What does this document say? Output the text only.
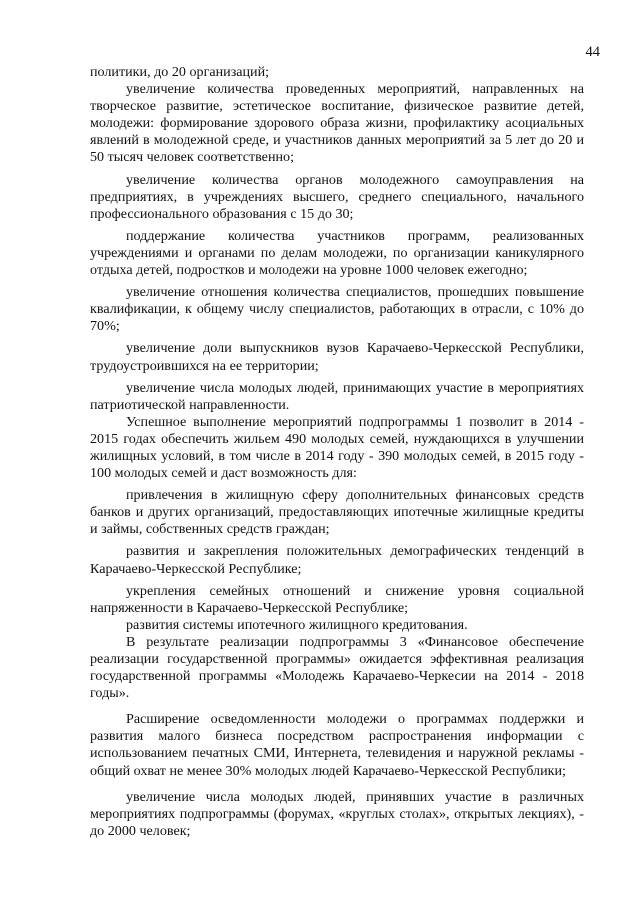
44

политики, до 20 организаций;

увеличение количества проведенных мероприятий, направленных на творческое развитие, эстетическое воспитание, физическое развитие детей, молодежи: формирование здорового образа жизни, профилактику асоциальных явлений в молодежной среде, и участников данных мероприятий за 5 лет до 20 и 50 тысяч человек соответственно;

увеличение количества органов молодежного самоуправления на предприятиях, в учреждениях высшего, среднего специального, начального профессионального образования с 15 до 30;

поддержание количества участников программ, реализованных учреждениями и органами по делам молодежи, по организации каникулярного отдыха детей, подростков и молодежи на уровне 1000 человек ежегодно;

увеличение отношения количества специалистов, прошедших повышение квалификации, к общему числу специалистов, работающих в отрасли, с 10% до 70%;

увеличение доли выпускников вузов Карачаево-Черкесской Республики, трудоустроившихся на ее территории;

увеличение числа молодых людей, принимающих участие в мероприятиях патриотической направленности.

Успешное выполнение мероприятий подпрограммы 1 позволит в 2014 - 2015 годах обеспечить жильем 490 молодых семей, нуждающихся в улучшении жилищных условий, в том числе в 2014 году - 390 молодых семей, в 2015 году - 100 молодых семей и даст возможность для:

привлечения в жилищную сферу дополнительных финансовых средств банков и других организаций, предоставляющих ипотечные жилищные кредиты и займы, собственных средств граждан;

развития и закрепления положительных демографических тенденций в Карачаево-Черкесской Республике;

укрепления семейных отношений и снижение уровня социальной напряженности в Карачаево-Черкесской Республике;

развития системы ипотечного жилищного кредитования.

В результате реализации подпрограммы 3 «Финансовое обеспечение реализации государственной программы» ожидается эффективная реализация государственной программы «Молодежь Карачаево-Черкесии на 2014 - 2018 годы».

Расширение осведомленности молодежи о программах поддержки и развития малого бизнеса посредством распространения информации с использованием печатных СМИ, Интернета, телевидения и наружной рекламы - общий охват не менее 30% молодых людей Карачаево-Черкесской Республики;

увеличение числа молодых людей, принявших участие в различных мероприятиях подпрограммы (форумах, «круглых столах», открытых лекциях), - до 2000 человек;
